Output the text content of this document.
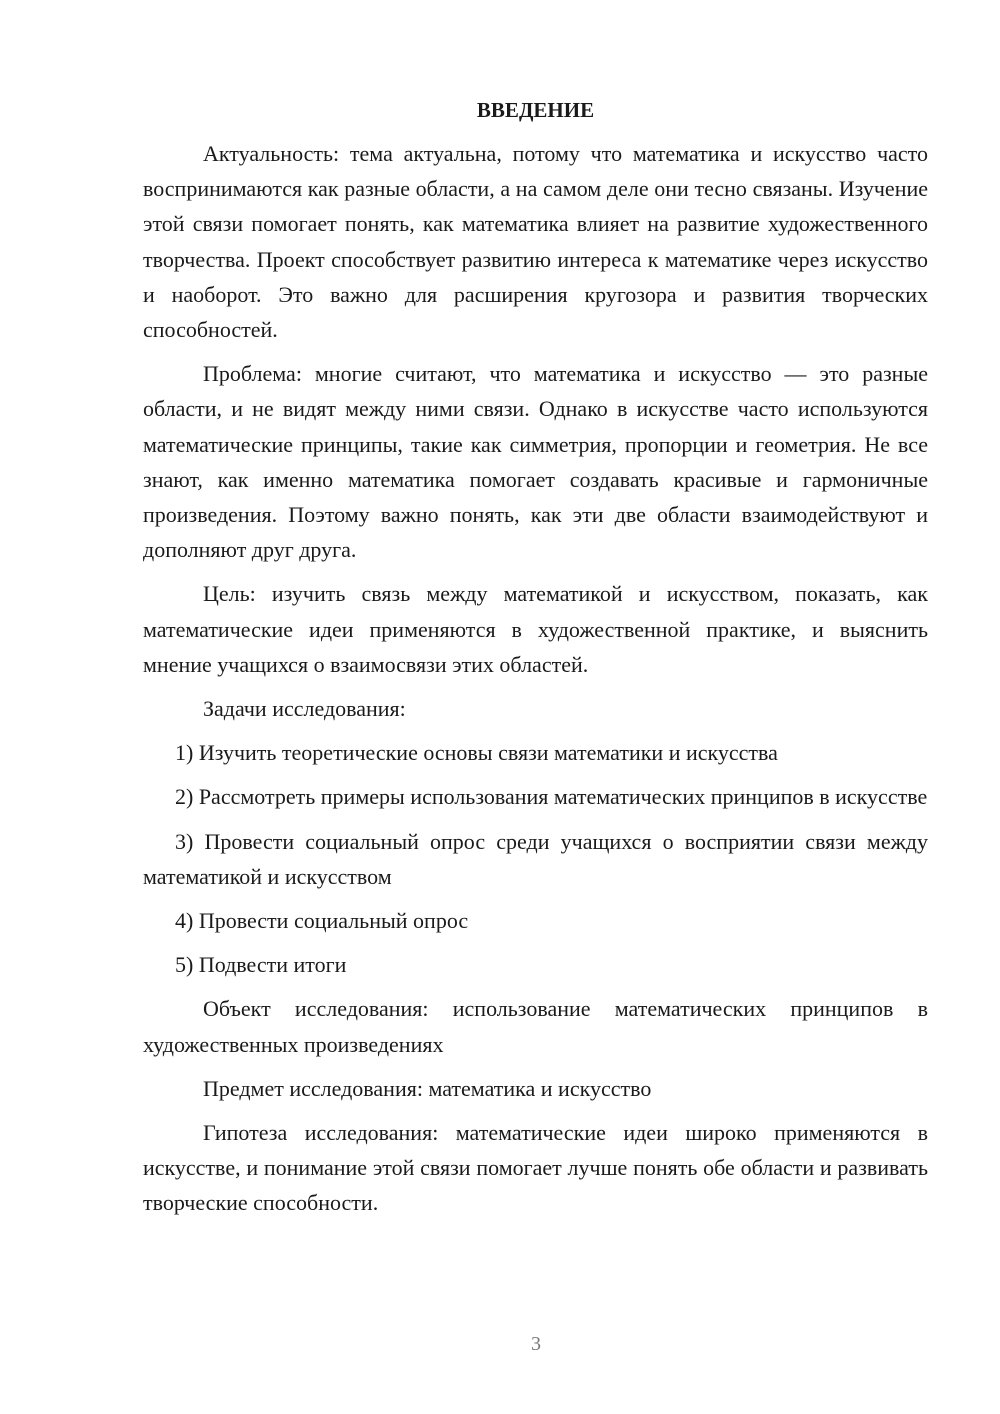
ВВЕДЕНИЕ

Актуальность: тема актуальна, потому что математика и искусство часто воспринимаются как разные области, а на самом деле они тесно связаны. Изучение этой связи помогает понять, как математика влияет на развитие художественного творчества. Проект способствует развитию интереса к математике через искусство и наоборот. Это важно для расширения кругозора и развития творческих способностей.

Проблема: многие считают, что математика и искусство — это разные области, и не видят между ними связи. Однако в искусстве часто используются математические принципы, такие как симметрия, пропорции и геометрия. Не все знают, как именно математика помогает создавать красивые и гармоничные произведения. Поэтому важно понять, как эти две области взаимодействуют и дополняют друг друга.

Цель: изучить связь между математикой и искусством, показать, как математические идеи применяются в художественной практике, и выяснить мнение учащихся о взаимосвязи этих областей.

Задачи исследования:

1) Изучить теоретические основы связи математики и искусства

2) Рассмотреть примеры использования математических принципов в искусстве

3) Провести социальный опрос среди учащихся о восприятии связи между математикой и искусством

4) Провести социальный опрос

5) Подвести итоги

Объект исследования: использование математических принципов в художественных произведениях

Предмет исследования: математика и искусство

Гипотеза исследования: математические идеи широко применяются в искусстве, и понимание этой связи помогает лучше понять обе области и развивать творческие способности.

3
